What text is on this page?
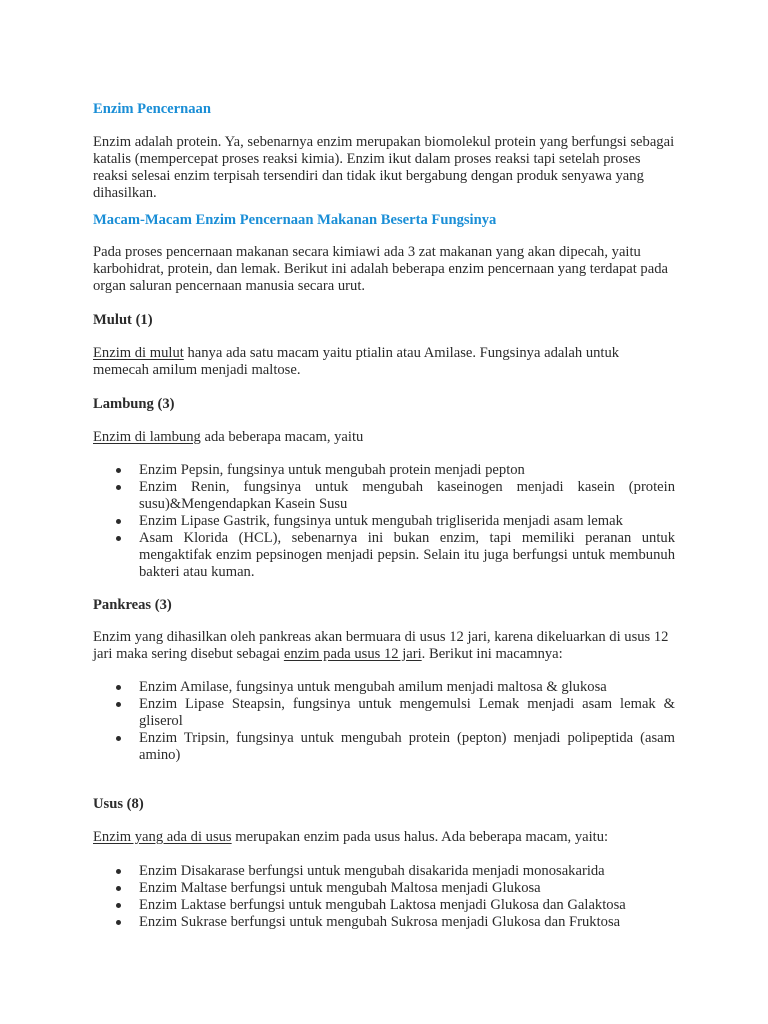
Enzim Pencernaan

Enzim adalah protein. Ya, sebenarnya enzim merupakan biomolekul protein yang berfungsi sebagai katalis (mempercepat proses reaksi kimia). Enzim ikut dalam proses reaksi tapi setelah proses reaksi selesai enzim terpisah tersendiri dan tidak ikut bergabung dengan produk senyawa yang dihasilkan.

Macam-Macam Enzim Pencernaan Makanan Beserta Fungsinya

Pada proses pencernaan makanan secara kimiawi ada 3 zat makanan yang akan dipecah, yaitu karbohidrat, protein, dan lemak. Berikut ini adalah beberapa enzim pencernaan yang terdapat pada organ saluran pencernaan manusia secara urut.

Mulut (1)

Enzim di mulut hanya ada satu macam yaitu ptialin atau Amilase. Fungsinya adalah untuk memecah amilum menjadi maltose.

Lambung (3)

Enzim di lambung ada beberapa macam, yaitu

Enzim Pepsin, fungsinya untuk mengubah protein menjadi pepton
Enzim Renin, fungsinya untuk mengubah kaseinogen menjadi kasein (protein susu)&Mengendapkan Kasein Susu
Enzim Lipase Gastrik, fungsinya untuk mengubah trigliserida menjadi asam lemak
Asam Klorida (HCL), sebenarnya ini bukan enzim, tapi memiliki peranan untuk mengaktifak enzim pepsinogen menjadi pepsin. Selain itu juga berfungsi untuk membunuh bakteri atau kuman.
Pankreas (3)

Enzim yang dihasilkan oleh pankreas akan bermuara di usus 12 jari, karena dikeluarkan di usus 12 jari maka sering disebut sebagai enzim pada usus 12 jari. Berikut ini macamnya:

Enzim Amilase, fungsinya untuk mengubah amilum menjadi maltosa & glukosa
Enzim Lipase Steapsin, fungsinya untuk mengemulsi Lemak menjadi asam lemak & gliserol
Enzim Tripsin, fungsinya untuk mengubah protein (pepton) menjadi polipeptida (asam amino)
Usus (8)

Enzim yang ada di usus merupakan enzim pada usus halus. Ada beberapa macam, yaitu:

Enzim Disakarase berfungsi untuk mengubah disakarida menjadi monosakarida
Enzim Maltase berfungsi untuk mengubah Maltosa menjadi Glukosa
Enzim Laktase berfungsi untuk mengubah Laktosa menjadi Glukosa dan Galaktosa
Enzim Sukrase berfungsi untuk mengubah Sukrosa menjadi Glukosa dan Fruktosa
